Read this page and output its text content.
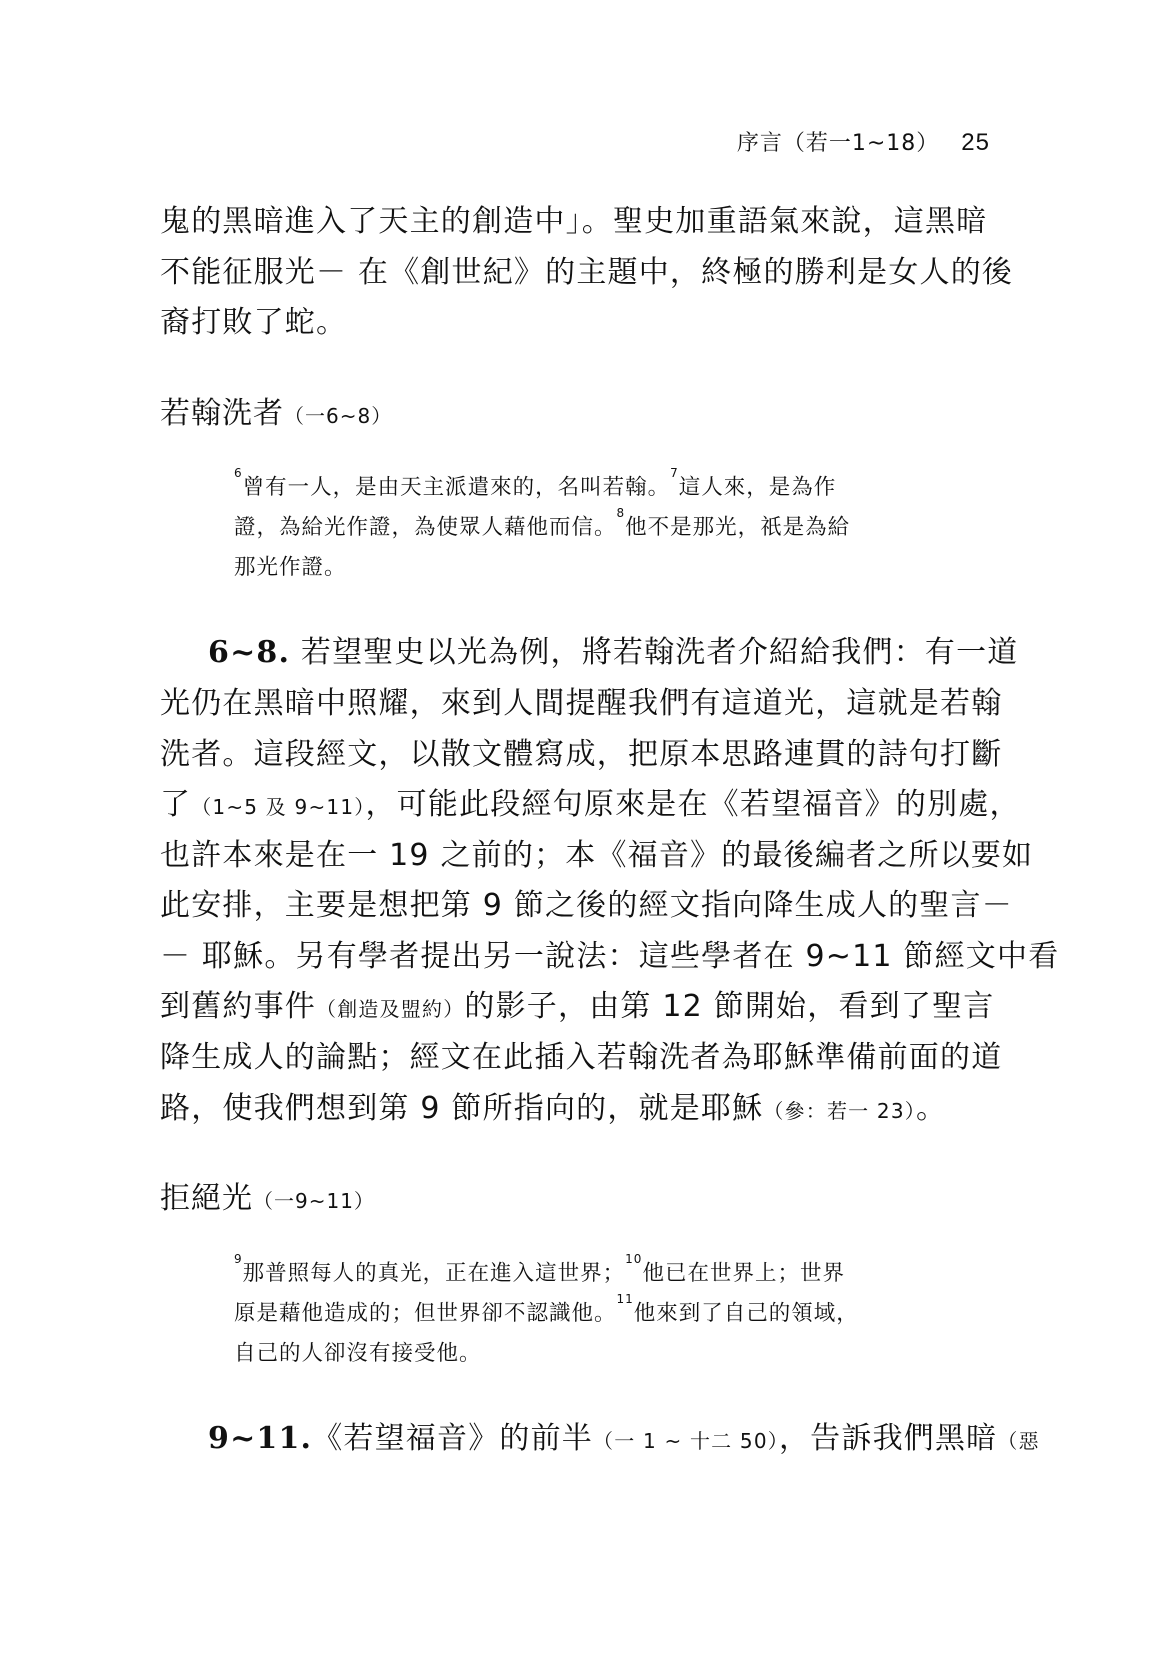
序言（若一1~18） 25
鬼的黑暗進入了天主的創造中」。聖史加重語氣來說，這黑暗
不能征服光－ 在《創世紀》的主題中，終極的勝利是女人的後
裔打敗了蛇。
若翰洗者（一6~8）
$^6$曾有一人，是由天主派遣來的，名叫若翰。$^7$這人來，是為作
證，為給光作證，為使眾人藉他而信。$^8$他不是那光，祇是為給
那光作證。
6~8. 若望聖史以光為例，將若翰洗者介紹給我們：有一道
光仍在黑暗中照耀，來到人間提醒我們有這道光，這就是若翰
洗者。這段經文，以散文體寫成，把原本思路連貫的詩句打斷
了（1~5 及 9~11），可能此段經句原來是在《若望福音》的別處，
也許本來是在一 19 之前的；本《福音》的最後編者之所以要如
此安排，主要是想把第 9 節之後的經文指向降生成人的聖言－
－ 耶穌。另有學者提出另一說法：這些學者在 9~11 節經文中看
到舊約事件（創造及盟約）的影子，由第 12 節開始，看到了聖言
降生成人的論點；經文在此插入若翰洗者為耶穌準備前面的道
路，使我們想到第 9 節所指向的，就是耶穌（參：若一 23）。
拒絕光（一9~11）
$^9$那普照每人的真光，正在進入這世界；$^{10}$他已在世界上；世界
原是藉他造成的；但世界卻不認識他。$^{11}$他來到了自己的領域，
自己的人卻沒有接受他。
9~11.《若望福音》的前半（一 1 ~ 十二 50），告訴我們黑暗（惡
